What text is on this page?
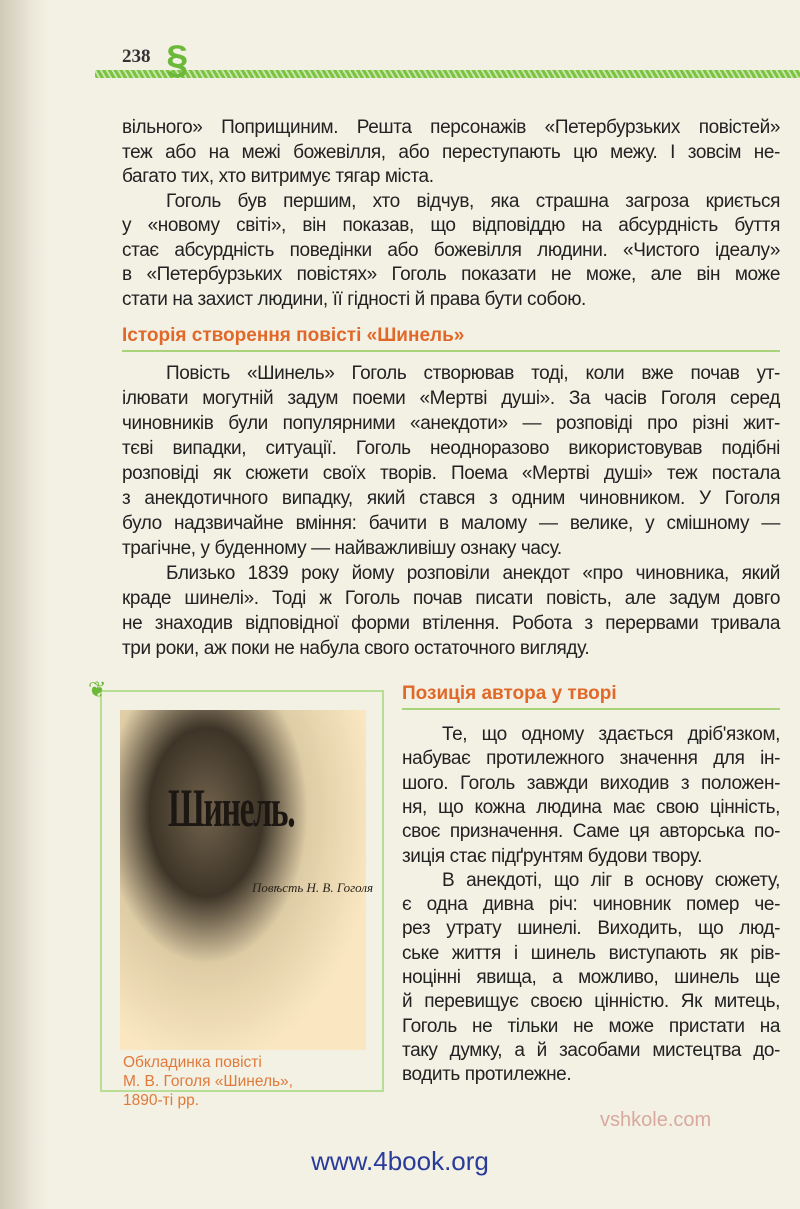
vshkole.com
238 §
вільного» Поприщиним. Решта персонажів «Петербурзьких повістей»
теж або на межі божевілля, або переступають цю межу. І зовсім не-
багато тих, хто витримує тягар міста.
Гоголь був першим, хто відчув, яка страшна загроза криється
у «новому світі», він показав, що відповіддю на абсурдність буття
стає абсурдність поведінки або божевілля людини. «Чистого ідеалу»
в «Петербурзьких повістях» Гоголь показати не може, але він може
стати на захист людини, її гідності й права бути собою.
Історія створення повісті «Шинель»
Повість «Шинель» Гоголь створював тоді, коли вже почав ут-
ілювати могутній задум поеми «Мертві душі». За часів Гоголя серед
чиновників були популярними «анекдоти» — розповіді про різні жит-
тєві випадки, ситуації. Гоголь неодноразово використовував подібні
розповіді як сюжети своїх творів. Поема «Мертві душі» теж постала
з анекдотичного випадку, який стався з одним чиновником. У Гоголя
було надзвичайне вміння: бачити в малому — велике, у смішному —
трагічне, у буденному — найважливішу ознаку часу.
Близько 1839 року йому розповіли анекдот «про чиновника, який
краде шинелі». Тоді ж Гоголь почав писати повість, але задум довго
не знаходив відповідної форми втілення. Робота з перервами тривала
три роки, аж поки не набула свого остаточного вигляду.
❦
Шинель.
Повѣсть Н. В. Гоголя
Обкладинка повісті
М. В. Гоголя «Шинель»,
1890-ті рр.
Позиція автора у творі
Те, що одному здається дріб'язком,
набуває протилежного значення для ін-
шого. Гоголь завжди виходив з положен-
ня, що кожна людина має свою цінність,
своє призначення. Саме ця авторська по-
зиція стає підґрунтям будови твору.
В анекдоті, що ліг в основу сюжету,
є одна дивна річ: чиновник помер че-
рез утрату шинелі. Виходить, що люд-
ське життя і шинель виступають як рів-
ноцінні явища, а можливо, шинель ще
й перевищує своєю цінністю. Як митець,
Гоголь не тільки не може пристати на
таку думку, а й засобами мистецтва до-
водить протилежне.
www.4book.org
